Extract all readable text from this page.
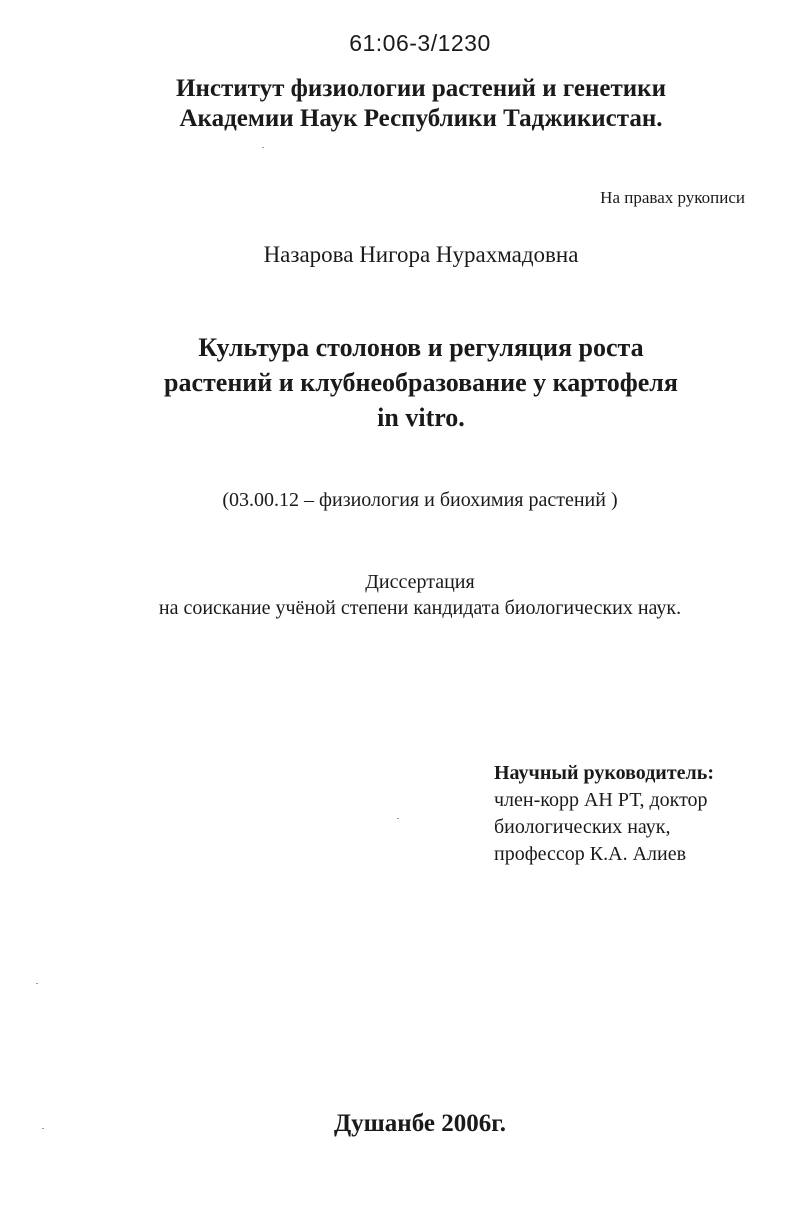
61:06-3/1230
Институт физиологии растений и генетики
Академии Наук Республики Таджикистан.
На правах рукописи
Назарова Нигора Нурахмадовна
Культура столонов и регуляция роста
растений и клубнеобразование у картофеля
in vitro.
(03.00.12 – физиология и биохимия растений )
Диссертация
на соискание учёной степени кандидата биологических наук.
Научный руководитель:
член-корр АН РТ, доктор
биологических наук,
профессор К.А. Алиев
Душанбе 2006г.
